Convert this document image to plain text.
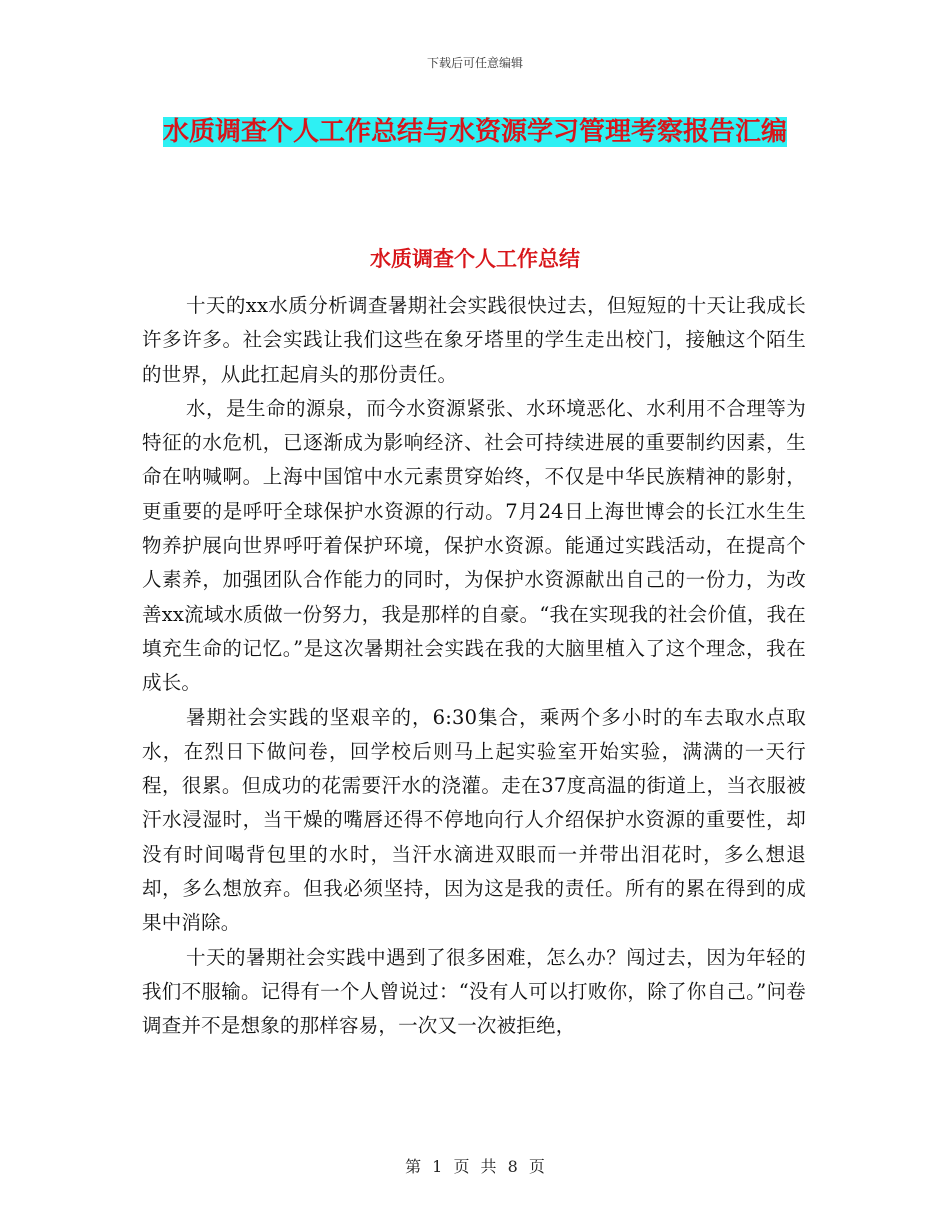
下载后可任意编辑
水质调查个人工作总结与水资源学习管理考察报告汇编
水质调查个人工作总结

十天的xx水质分析调查暑期社会实践很快过去，但短短的十天让我成长许多许多。社会实践让我们这些在象牙塔里的学生走出校门，接触这个陌生的世界，从此扛起肩头的那份责任。

水，是生命的源泉，而今水资源紧张、水环境恶化、水利用不合理等为特征的水危机，已逐渐成为影响经济、社会可持续进展的重要制约因素，生命在呐喊啊。上海中国馆中水元素贯穿始终，不仅是中华民族精神的影射，更重要的是呼吁全球保护水资源的行动。7月24日上海世博会的长江水生生物养护展向世界呼吁着保护环境，保护水资源。能通过实践活动，在提高个人素养，加强团队合作能力的同时，为保护水资源献出自己的一份力，为改善xx流域水质做一份努力，我是那样的自豪。“我在实现我的社会价值，我在填充生命的记忆。”是这次暑期社会实践在我的大脑里植入了这个理念，我在成长。

暑期社会实践的坚艰辛的，6:30集合，乘两个多小时的车去取水点取水，在烈日下做问卷，回学校后则马上起实验室开始实验，满满的一天行程，很累。但成功的花需要汗水的浇灌。走在37度高温的街道上，当衣服被汗水浸湿时，当干燥的嘴唇还得不停地向行人介绍保护水资源的重要性，却没有时间喝背包里的水时，当汗水滴进双眼而一并带出泪花时，多么想退却，多么想放弃。但我必须坚持，因为这是我的责任。所有的累在得到的成果中消除。

十天的暑期社会实践中遇到了很多困难，怎么办？闯过去，因为年轻的我们不服输。记得有一个人曾说过：“没有人可以打败你，除了你自己。”问卷调查并不是想象的那样容易，一次又一次被拒绝，

第 1 页 共 8 页
